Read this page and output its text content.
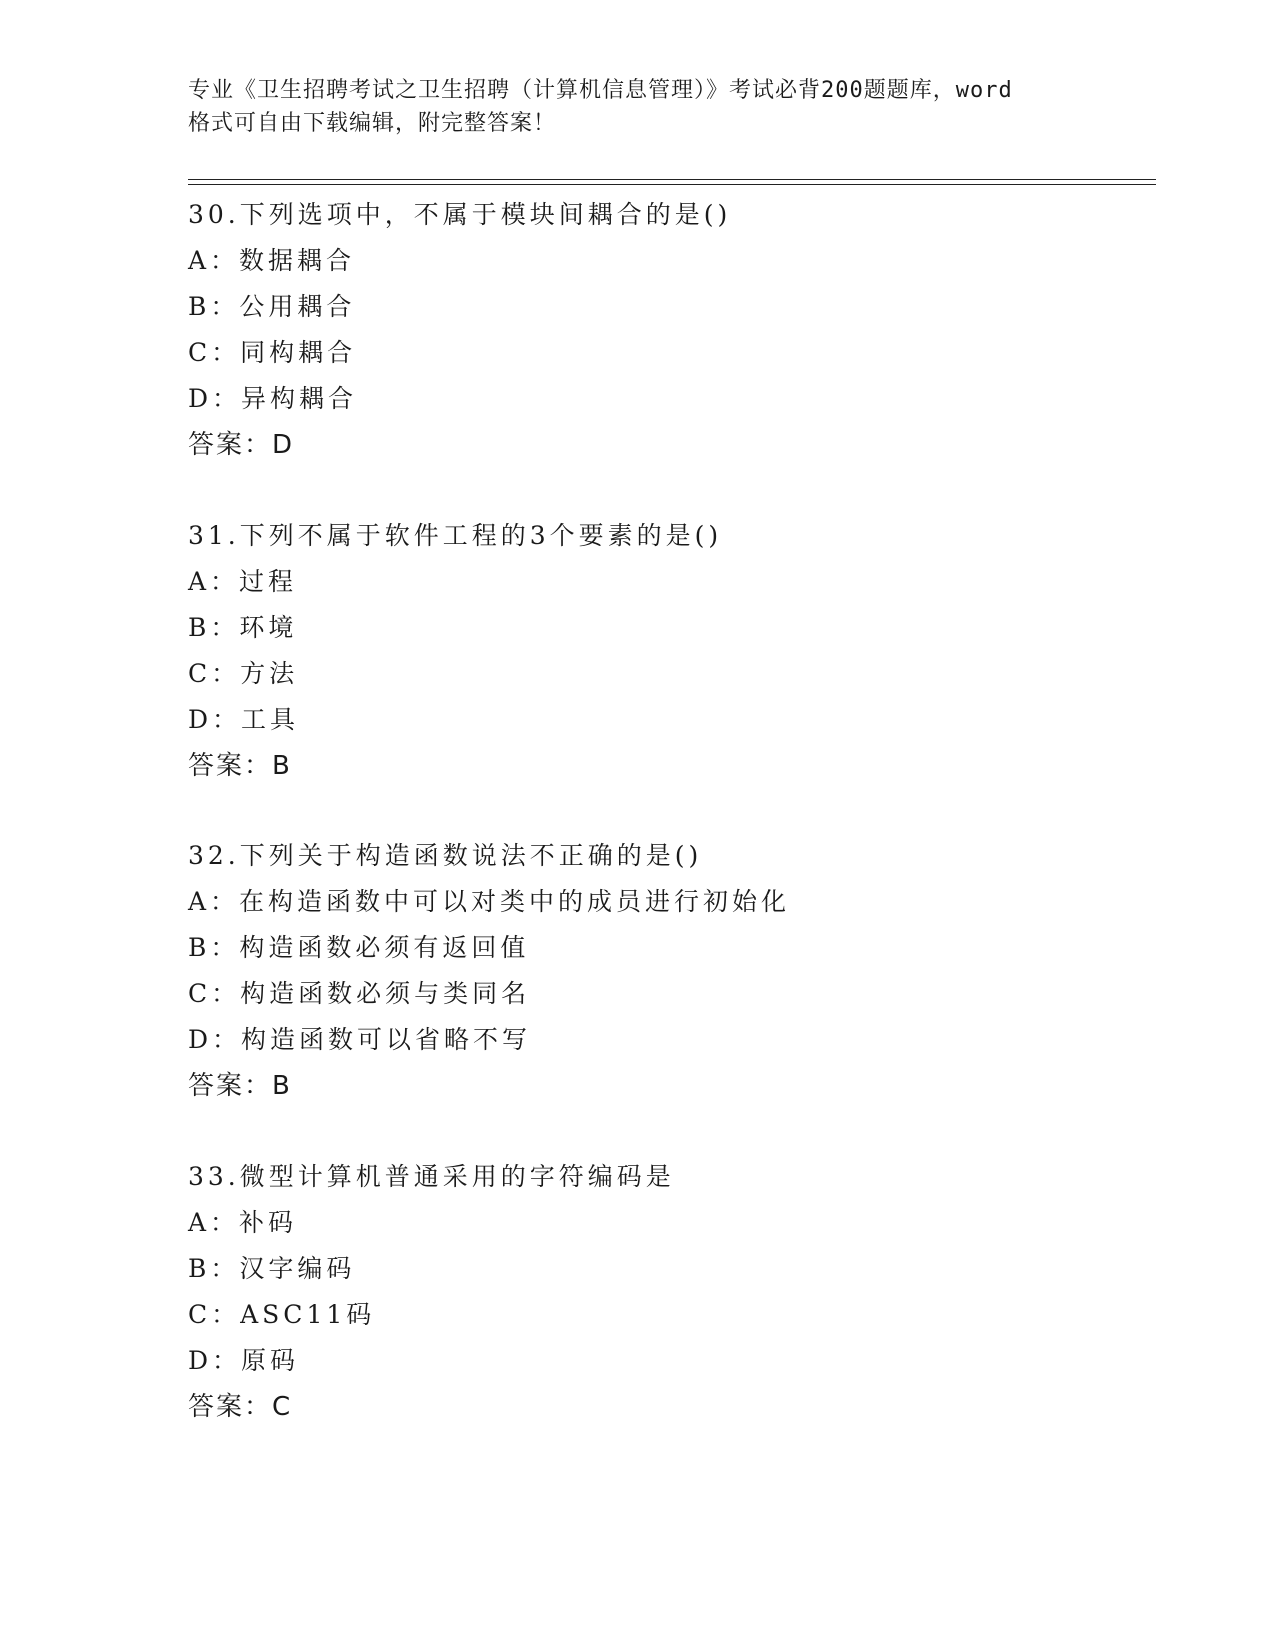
专业《卫生招聘考试之卫生招聘（计算机信息管理）》考试必背200题题库，word
格式可自由下载编辑，附完整答案！
30.下列选项中，不属于模块间耦合的是()
A：数据耦合
B：公用耦合
C：同构耦合
D：异构耦合
答案：D
31.下列不属于软件工程的3个要素的是()
A：过程
B：环境
C：方法
D：工具
答案：B
32.下列关于构造函数说法不正确的是()
A：在构造函数中可以对类中的成员进行初始化
B：构造函数必须有返回值
C：构造函数必须与类同名
D：构造函数可以省略不写
答案：B
33.微型计算机普通采用的字符编码是
A：补码
B：汉字编码
C：ASC11码
D：原码
答案：C
